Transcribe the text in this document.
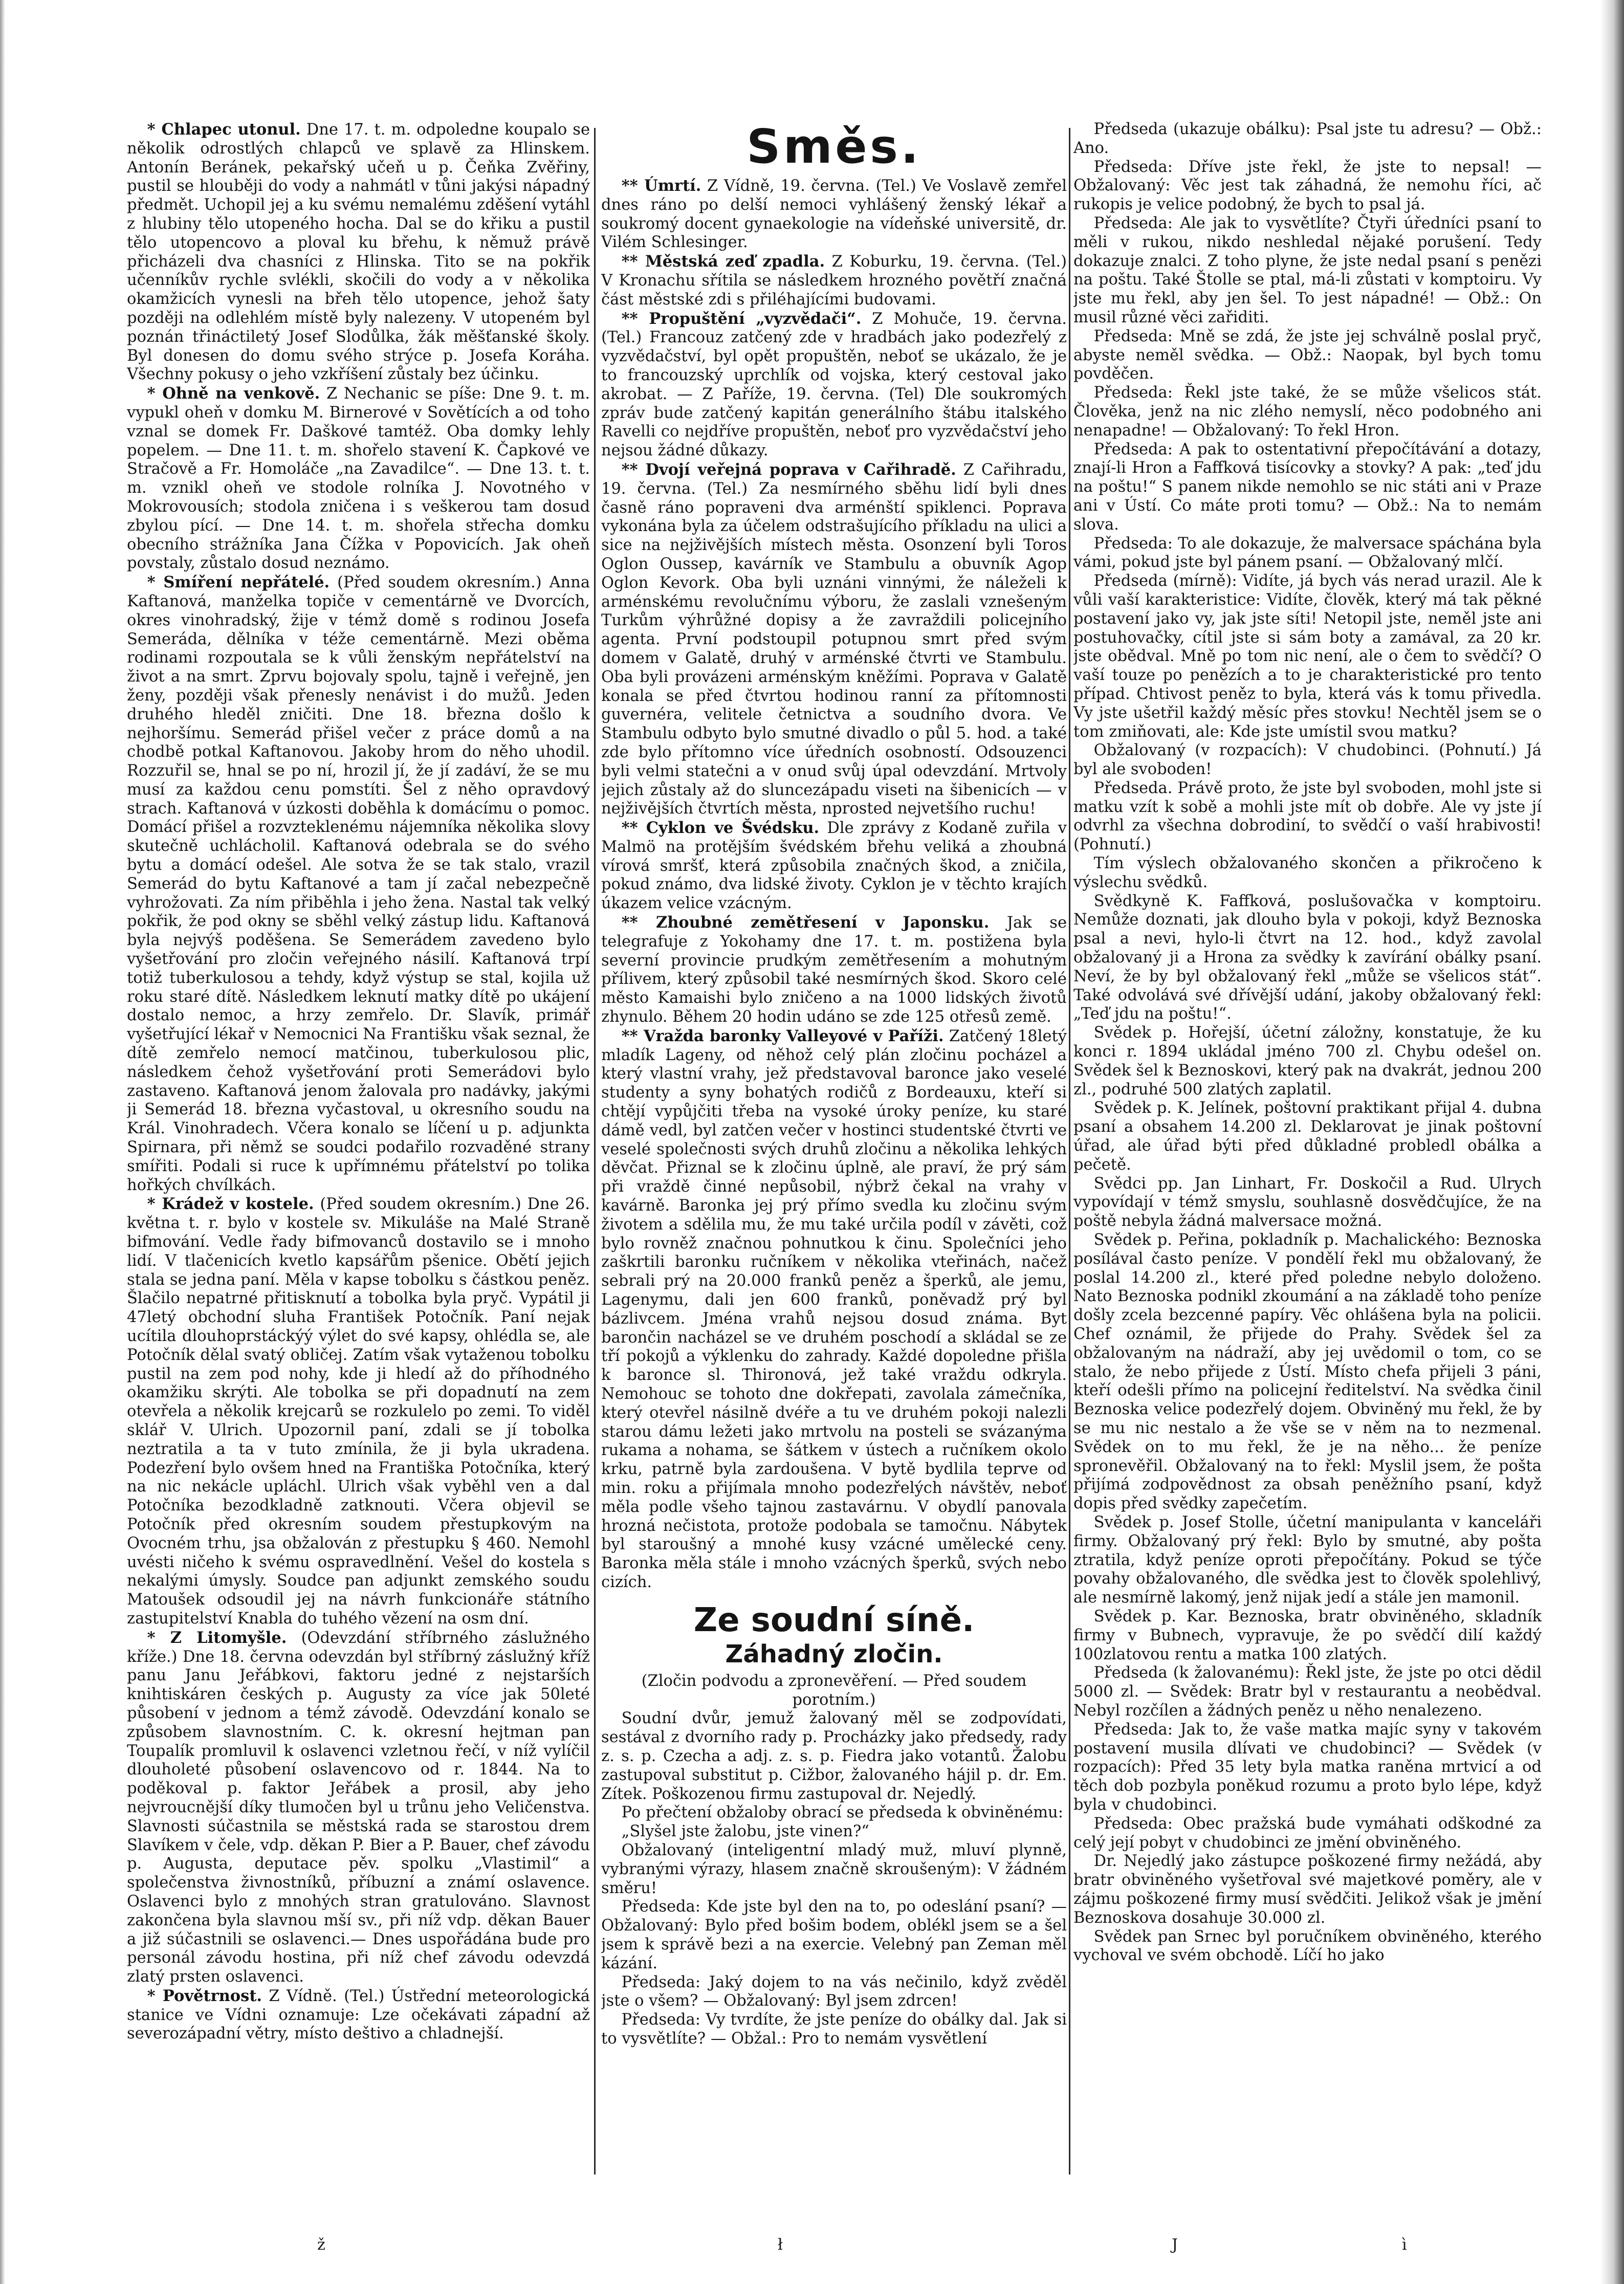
* Chlapec utonul. Dne 17. t. m. odpoledne koupalo se několik odrostlých chlapců ve splavě za Hlinskem. Antonín Beránek, pekařský učeň u p. Čeňka Zvěřiny, pustil se hlouběji do vody a nahmátl v tůni jakýsi nápadný předmět. Uchopil jej a ku svému nemalému zděšení vytáhl z hlubiny tělo utopeného hocha. Dal se do křiku a pustil tělo utopencovo a ploval ku břehu, k němuž právě přicházeli dva chasníci z Hlinska. Tito se na pokřik učenníkův rychle svlékli, skočili do vody a v několika okamžicích vynesli na břeh tělo utopence, jehož šaty později na odlehlém místě byly nalezeny. V utopeném byl poznán třináctiletý Josef Slodůlka, žák měšťanské školy. Byl donesen do domu svého strýce p. Josefa Koráha. Všechny pokusy o jeho vzkříšení zůstaly bez účinku.

* Ohně na venkově. Z Nechanic se píše: Dne 9. t. m. vypukl oheň v domku M. Birnerové v Sovětících a od toho vznal se domek Fr. Daškové tamtéž. Oba domky lehly popelem. — Dne 11. t. m. shořelo stavení K. Čapkové ve Stračově a Fr. Homoláče „na Zavadilce“. — Dne 13. t. t. m. vznikl oheň ve stodole rolníka J. Novotného v Mokrovousích; stodola zničena i s veškerou tam dosud zbylou pící. — Dne 14. t. m. shořela střecha domku obecního strážníka Jana Čížka v Popovicích. Jak oheň povstaly, zůstalo dosud neznámo.

* Smíření nepřátelé. (Před soudem okresním.) Anna Kaftanová, manželka topiče v cementárně ve Dvorcích, okres vinohradský, žije v témž domě s rodinou Josefa Semeráda, dělníka v téže cementárně. Mezi oběma rodinami rozpoutala se k vůli ženským nepřátelství na život a na smrt. Zprvu bojovaly spolu, tajně i veřejně, jen ženy, později však přenesly nenávist i do mužů. Jeden druhého hleděl zničiti. Dne 18. března došlo k nejhoršímu. Semerád přišel večer z práce domů a na chodbě potkal Kaftanovou. Jakoby hrom do něho uhodil. Rozzuřil se, hnal se po ní, hrozil jí, že jí zadáví, že se mu musí za každou cenu pomstíti. Šel z něho opravdový strach. Kaftanová v úzkosti doběhla k domácímu o pomoc. Domácí přišel a rozvzteklenému nájemníka několika slovy skutečně uchlácholil. Kaftanová odebrala se do svého bytu a domácí odešel. Ale sotva že se tak stalo, vrazil Semerád do bytu Kaftanové a tam jí začal nebezpečně vyhrožovati. Za ním přiběhla i jeho žena. Nastal tak velký pokřik, že pod okny se sběhl velký zástup lidu. Kaftanová byla nejvýš poděšena. Se Semerádem zavedeno bylo vyšetřování pro zločin veřejného násilí. Kaftanová trpí totiž tuberkulosou a tehdy, když výstup se stal, kojila už roku staré dítě. Následkem leknutí matky dítě po ukájení dostalo nemoc, a hrzy zemřelo. Dr. Slavík, primář vyšetřující lékař v Nemocnici Na Františku však seznal, že dítě zemřelo nemocí matčinou, tuberkulosou plic, následkem čehož vyšetřování proti Semerádovi bylo zastaveno. Kaftanová jenom žalovala pro nadávky, jakými ji Semerád 18. března vyčastoval, u okresního soudu na Král. Vinohradech. Včera konalo se líčení u p. adjunkta Spirnara, při němž se soudci podařilo rozvaděné strany smířiti. Podali si ruce k upřímnému přátelství po tolika hořkých chvílkách.

* Krádež v kostele. (Před soudem okresním.) Dne 26. května t. r. bylo v kostele sv. Mikuláše na Malé Straně bifmování. Vedle řady bifmovanců dostavilo se i mnoho lidí. V tlačenicích kvetlo kapsářům pšenice. Obětí jejich stala se jedna paní. Měla v kapse tobolku s částkou peněz. Šlačilo nepatrné přitisknutí a tobolka byla pryč. Vypátil ji 47letý obchodní sluha František Potočník. Paní nejak ucítila dlouhoprstáckýý výlet do své kapsy, ohlédla se, ale Potočník dělal svatý obličej. Zatím však vytaženou tobolku pustil na zem pod nohy, kde ji hledí až do příhodného okamžiku skrýti. Ale tobolka se při dopadnutí na zem otevřela a několik krejcarů se rozkulelo po zemi. To viděl sklář V. Ulrich. Upozornil paní, zdali se jí tobolka neztratila a ta v tuto zmínila, že ji byla ukradena. Podezření bylo ovšem hned na Františka Potočníka, který na nic nekácle upláchl. Ulrich však vyběhl ven a dal Potočníka bezodkladně zatknouti. Včera objevil se Potočník před okresním soudem přestupkovým na Ovocném trhu, jsa obžalován z přestupku § 460. Nemohl uvésti ničeho k svému ospravedlnění. Vešel do kostela s nekalými úmysly. Soudce pan adjunkt zemského soudu Matoušek odsoudil jej na návrh funkcionáře státního zastupitelství Knabla do tuhého vězení na osm dní.

* Z Litomyšle. (Odevzdání stříbrného záslužného kříže.) Dne 18. června odevzdán byl stříbrný záslužný kříž panu Janu Jeřábkovi, faktoru jedné z nejstarších knihtiskáren českých p. Augusty za více jak 50leté působení v jednom a témž závodě. Odevzdání konalo se způsobem slavnostním. C. k. okresní hejtman pan Toupalík promluvil k oslavenci vzletnou řečí, v níž vylíčil dlouholeté působení oslavencovo od r. 1844. Na to poděkoval p. faktor Jeřábek a prosil, aby jeho nejvroucnější díky tlumočen byl u trůnu jeho Veličenstva. Slavnosti súčastnila se městská rada se starostou drem Slavíkem v čele, vdp. děkan P. Bier a P. Bauer, chef závodu p. Augusta, deputace pěv. spolku „Vlastimil“ a společenstva živnostníků, příbuzní a známí oslavence. Oslavenci bylo z mnohých stran gratulováno. Slavnost zakončena byla slavnou mší sv., při níž vdp. děkan Bauer a již súčastnili se oslavenci.— Dnes uspořádána bude pro personál závodu hostina, při níž chef závodu odevzdá zlatý prsten oslavenci.

* Povětrnost. Z Vídně. (Tel.) Ústřední meteorologická stanice ve Vídni oznamuje: Lze očekávati západní až severozápadní větry, místo deštivo a chladnejší.

Směs.

** Úmrtí. Z Vídně, 19. června. (Tel.) Ve Voslavě zemřel dnes ráno po delší nemoci vyhlášený ženský lékař a soukromý docent gynaekologie na vídeňské universitě, dr. Vilém Schlesinger.

** Městská zeď zpadla. Z Koburku, 19. června. (Tel.) V Kronachu sřítila se následkem hrozného povětří značná část městské zdi s přiléhajícími budovami.

** Propuštění „vyzvědači“. Z Mohuče, 19. června. (Tel.) Francouz zatčený zde v hradbách jako podezřelý z vyzvědačství, byl opět propuštěn, neboť se ukázalo, že je to francouzský uprchlík od vojska, který cestoval jako akrobat. — Z Paříže, 19. června. (Tel) Dle soukromých zpráv bude zatčený kapitán generálního štábu italského Ravelli co nejdříve propuštěn, neboť pro vyzvědačství jeho nejsou žádné důkazy.

** Dvojí veřejná poprava v Cařihradě. Z Cařihradu, 19. června. (Tel.) Za nesmírného sběhu lidí byli dnes časně ráno popraveni dva arménští spiklenci. Poprava vykonána byla za účelem odstrašujícího příkladu na ulici a sice na nejživějších místech města. Osonzení byli Toros Oglon Oussep, kavárník ve Stambulu a obuvník Agop Oglon Kevork. Oba byli uznáni vinnými, že náleželi k arménskému revolučnímu výboru, že zaslali vznešeným Turkům výhrůžné dopisy a že zavraždili policejního agenta. První podstoupil potupnou smrt před svým domem v Galatě, druhý v arménské čtvrti ve Stambulu. Oba byli provázeni arménským kněžími. Poprava v Galatě konala se před čtvrtou hodinou ranní za přítomnosti guvernéra, velitele četnictva a soudního dvora. Ve Stambulu odbyto bylo smutné divadlo o půl 5. hod. a také zde bylo přítomno více úředních osobností. Odsouzenci byli velmi statečni a v onud svůj úpal odevzdání. Mrtvoly jejich zůstaly až do sluncezápadu viseti na šibenicích — v nejživějších čtvrtích města, nprosted nejvetšího ruchu!

** Cyklon ve Švédsku. Dle zprávy z Kodaně zuřila v Malmö na protějším švédském břehu veliká a zhoubná vírová smršť, která způsobila značných škod, a zničila, pokud známo, dva lidské životy. Cyklon je v těchto krajích úkazem velice vzácným.

** Zhoubné zemětřesení v Japonsku. Jak se telegrafuje z Yokohamy dne 17. t. m. postižena byla severní provincie prudkým zemětřesením a mohutným přílivem, který způsobil také nesmírných škod. Skoro celé město Kamaishi bylo zničeno a na 1000 lidských životů zhynulo. Během 20 hodin udáno se zde 125 otřesů země.

** Vražda baronky Valleyové v Paříži. Zatčený 18letý mladík Lageny, od něhož celý plán zločinu pocházel a který vlastní vrahy, jež představoval baronce jako veselé studenty a syny bohatých rodičů z Bordeauxu, kteří si chtějí vypůjčiti třeba na vysoké úroky peníze, ku staré dámě vedl, byl zatčen večer v hostinci studentské čtvrti ve veselé společnosti svých druhů zločinu a několika lehkých děvčat. Přiznal se k zločinu úplně, ale praví, že prý sám při vraždě činné nepůsobil, nýbrž čekal na vrahy v kavárně. Baronka jej prý přímo svedla ku zločinu svým životem a sdělila mu, že mu také určila podíl v závěti, což bylo rovněž značnou pohnutkou k činu. Společníci jeho zaškrtili baronku ručníkem v několika vteřinách, načež sebrali prý na 20.000 franků peněz a šperků, ale jemu, Lagenymu, dali jen 600 franků, poněvadž prý byl bázlivcem. Jména vrahů nejsou dosud známa. Byt barončin nacházel se ve druhém poschodí a skládal se ze tří pokojů a výklenku do zahrady. Každé dopoledne přišla k baronce sl. Thironová, jež také vraždu odkryla. Nemohouc se tohoto dne dokřepati, zavolala zámečníka, který otevřel násilně dvéře a tu ve druhém pokoji nalezli starou dámu ležeti jako mrtvolu na posteli se svázanýma rukama a nohama, se šátkem v ústech a ručníkem okolo krku, patrně byla zardoušena. V bytě bydlila teprve od min. roku a přijímala mnoho podezřelých návštěv, neboť měla podle všeho tajnou zastavárnu. V obydlí panovala hrozná nečistota, protože podobala se tamočnu. Nábytek byl staroušný a mnohé kusy vzácné umělecké ceny. Baronka měla stále i mnoho vzácných šperků, svých nebo cizích.

Ze soudní síně.
Záhadný zločin.

(Zločin podvodu a zpronevěření. — Před soudem porotním.)

Soudní dvůr, jemuž žalovaný měl se zodpovídati, sestával z dvorního rady p. Procházky jako předsedy, rady z. s. p. Czecha a adj. z. s. p. Fiedra jako votantů. Žalobu zastupoval substitut p. Cižbor, žalovaného hájil p. dr. Em. Zítek. Poškozenou firmu zastupoval dr. Nejedlý.

Po přečtení obžaloby obrací se předseda k obviněnému:

„Slyšel jste žalobu, jste vinen?“

Obžalovaný (inteligentní mladý muž, mluví plynně, vybranými výrazy, hlasem značně skroušeným): V žádném směru!

Předseda: Kde jste byl den na to, po odeslání psaní? — Obžalovaný: Bylo před bošim bodem, oblékl jsem se a šel jsem k správě bezi a na exercie. Velebný pan Zeman měl kázání.

Předseda: Jaký dojem to na vás nečinilo, když zvěděl jste o všem? — Obžalovaný: Byl jsem zdrcen!

Předseda: Vy tvrdíte, že jste peníze do obálky dal. Jak si to vysvětlíte? — Obžal.: Pro to nemám vysvětlení

Předseda (ukazuje obálku): Psal jste tu adresu? — Obž.: Ano.

Předseda: Dříve jste řekl, že jste to nepsal! — Obžalovaný: Věc jest tak záhadná, že nemohu říci, ač rukopis je velice podobný, že bych to psal já.

Předseda: Ale jak to vysvětlíte? Čtyři úředníci psaní to měli v rukou, nikdo neshledal nějaké porušení. Tedy dokazuje znalci. Z toho plyne, že jste nedal psaní s penězi na poštu. Také Štolle se ptal, má-li zůstati v komptoiru. Vy jste mu řekl, aby jen šel. To jest nápadné! — Obž.: On musil různé věci zařiditi.

Předseda: Mně se zdá, že jste jej schválně poslal pryč, abyste neměl svědka. — Obž.: Naopak, byl bych tomu povděčen.

Předseda: Řekl jste také, že se může všelicos stát. Člověka, jenž na nic zlého nemyslí, něco podobného ani nenapadne! — Obžalovaný: To řekl Hron.

Předseda: A pak to ostentativní přepočítávání a dotazy, znají-li Hron a Faffková tisícovky a stovky? A pak: „teď jdu na poštu!“ S panem nikde nemohlo se nic státi ani v Praze ani v Ústí. Co máte proti tomu? — Obž.: Na to nemám slova.

Předseda: To ale dokazuje, že malversace spáchána byla vámi, pokud jste byl pánem psaní. — Obžalovaný mlčí.

Předseda (mírně): Vidíte, já bych vás nerad urazil. Ale k vůli vaší karakteristice: Vidíte, člověk, který má tak pěkné postavení jako vy, jak jste síti! Netopil jste, neměl jste ani postuhovačky, cítil jste si sám boty a zamával, za 20 kr. jste obědval. Mně po tom nic není, ale o čem to svědčí? O vaší touze po penězích a to je charakteristické pro tento případ. Chtivost peněz to byla, která vás k tomu přivedla. Vy jste ušetřil každý měsíc přes stovku! Nechtěl jsem se o tom zmiňovati, ale: Kde jste umístil svou matku?

Obžalovaný (v rozpacích): V chudobinci. (Pohnutí.) Já byl ale svoboden!

Předseda. Právě proto, že jste byl svoboden, mohl jste si matku vzít k sobě a mohli jste mít ob dobře. Ale vy jste jí odvrhl za všechna dobrodiní, to svědčí o vaší hrabivosti! (Pohnutí.)

Tím výslech obžalovaného skončen a přikročeno k výslechu svědků.

Svědkyně K. Faffková, poslušovačka v komptoiru. Nemůže doznati, jak dlouho byla v pokoji, když Beznoska psal a nevi, hylo-li čtvrt na 12. hod., když zavolal obžalovaný ji a Hrona za svědky k zavírání obálky psaní. Neví, že by byl obžalovaný řekl „může se všelicos stát“. Také odvolává své dřívější udání, jakoby obžalovaný řekl: „Teď jdu na poštu!“.

Svědek p. Hořejší, účetní záložny, konstatuje, že ku konci r. 1894 ukládal jméno 700 zl. Chybu odešel on. Svědek šel k Beznoskovi, který pak na dvakrát, jednou 200 zl., podruhé 500 zlatých zaplatil.

Svědek p. K. Jelínek, poštovní praktikant přijal 4. dubna psaní a obsahem 14.200 zl. Deklarovat je jinak poštovní úřad, ale úřad býti před důkladné probledl obálka a pečetě.

Svědci pp. Jan Linhart, Fr. Doskočil a Rud. Ulrych vypovídají v témž smyslu, souhlasně dosvědčujíce, že na poště nebyla žádná malversace možná.

Svědek p. Peřina, pokladník p. Machalického: Beznoska posílával často peníze. V pondělí řekl mu obžalovaný, že poslal 14.200 zl., které před poledne nebylo doloženo. Nato Beznoska podnikl zkoumání a na základě toho peníze došly zcela bezcenné papíry. Věc ohlášena byla na policii. Chef oznámil, že přijede do Prahy. Svědek šel za obžalovaným na nádraží, aby jej uvědomil o tom, co se stalo, že nebo přijede z Ústí. Místo chefa přijeli 3 páni, kteří odešli přímo na policejní ředitelství. Na svědka činil Beznoska velice podezřelý dojem. Obviněný mu řekl, že by se mu nic nestalo a že vše se v něm na to nezmenal. Svědek on to mu řekl, že je na něho... že peníze spronevěřil. Obžalovaný na to řekl: Myslil jsem, že pošta přijímá zodpovědnost za obsah peněžního psaní, když dopis před svědky zapečetím.

Svědek p. Josef Stolle, účetní manipulanta v kanceláři firmy. Obžalovaný prý řekl: Bylo by smutné, aby pošta ztratila, když peníze oproti přepočítány. Pokud se týče povahy obžalovaného, dle svědka jest to člověk spolehlivý, ale nesmírně lakomý, jenž nijak jedí a stále jen mamonil.

Svědek p. Kar. Beznoska, bratr obviněného, skladník firmy v Bubnech, vypravuje, že po svědčí dilí každý 100zlatovou rentu a matka 100 zlatých.

Předseda (k žalovanému): Řekl jste, že jste po otci dědil 5000 zl. — Svědek: Bratr byl v restaurantu a neobědval. Nebyl rozčílen a žádných peněz u něho nenalezeno.

Předseda: Jak to, že vaše matka majíc syny v takovém postavení musila dlívati ve chudobinci? — Svědek (v rozpacích): Před 35 lety byla matka raněna mrtvicí a od těch dob pozbyla poněkud rozumu a proto bylo lépe, když byla v chudobinci.

Předseda: Obec pražská bude vymáhati odškodné za celý její pobyt v chudobinci ze jmění obviněného.

Dr. Nejedlý jako zástupce poškozené firmy nežádá, aby bratr obviněného vyšetřoval své majetkové poměry, ale v zájmu poškozené firmy musí svědčiti. Jelikož však je jmění Beznoskova dosahuje 30.000 zl.

Svědek pan Srnec byl poručníkem obviněného, kterého vychoval ve svém obchodě. Líčí ho jako

ž	ł	J	ì
